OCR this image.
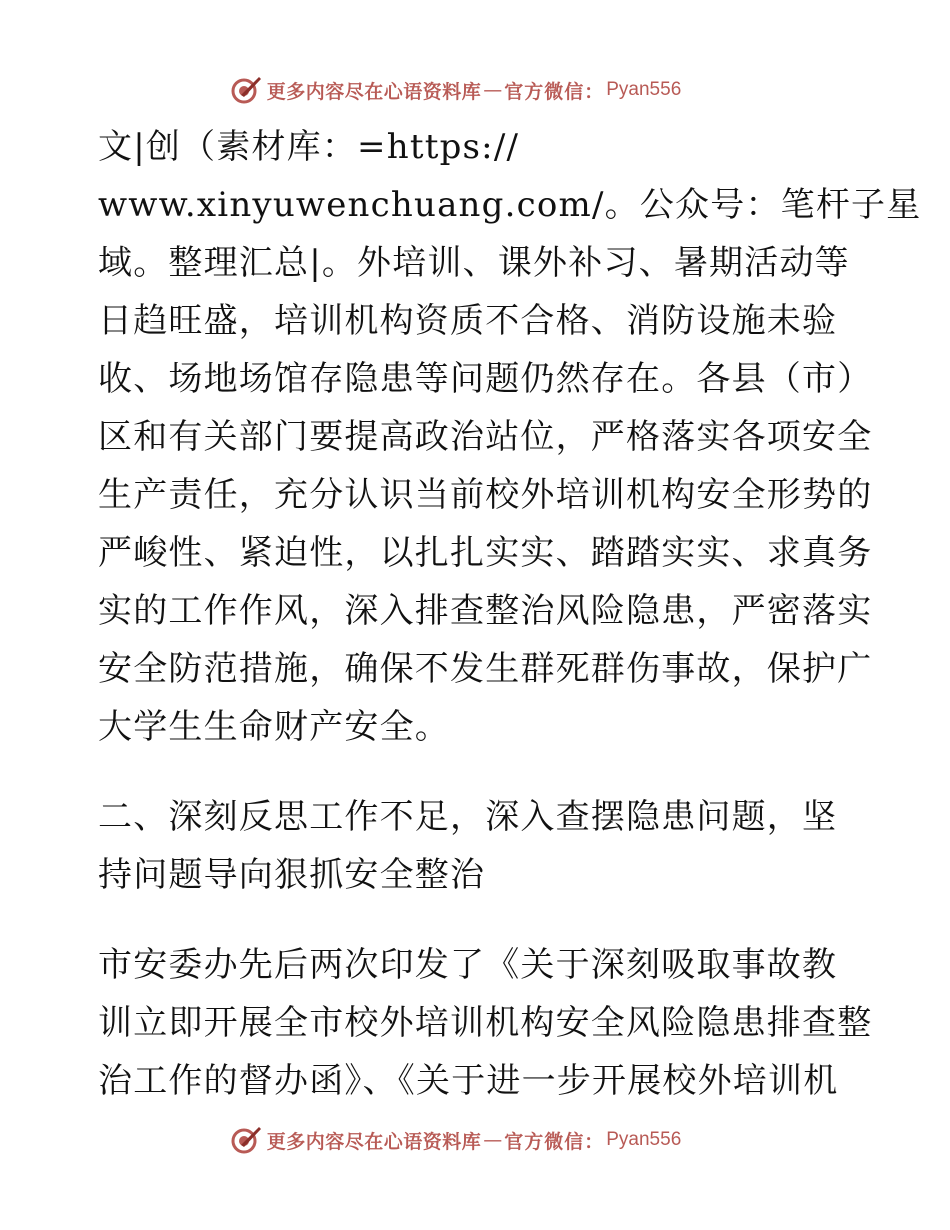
更多内容尽在心语资料库 — 官方微信： Pyan556
文|创（素材库：=https://
www.xinyuwenchuang.com/。公众号：笔杆子星
域。整理汇总|。外培训、课外补习、暑期活动等
日趋旺盛，培训机构资质不合格、消防设施未验
收、场地场馆存隐患等问题仍然存在。各县（市）
区和有关部门要提高政治站位，严格落实各项安全
生产责任，充分认识当前校外培训机构安全形势的
严峻性、紧迫性，以扎扎实实、踏踏实实、求真务
实的工作作风，深入排查整治风险隐患，严密落实
安全防范措施，确保不发生群死群伤事故，保护广
大学生生命财产安全。
二、深刻反思工作不足，深入查摆隐患问题，坚
持问题导向狠抓安全整治
市安委办先后两次印发了《关于深刻吸取事故教
训立即开展全市校外培训机构安全风险隐患排查整
治工作的督办函》、《关于进一步开展校外培训机
更多内容尽在心语资料库 — 官方微信： Pyan556
